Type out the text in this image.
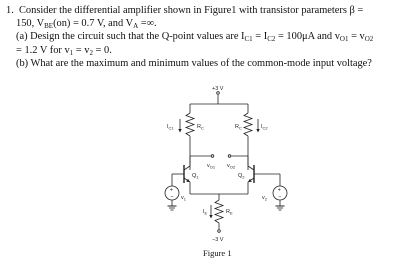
1. Consider the differential amplifier shown in Figure1 with transistor parameters β =
150, $V_{BE}(on) = 0.7$ V, and $V_A$ =∞.
(a) Design the circuit such that the Q-point values are $I_{C1} = I_{C2} = 100\mu A$ and $v_{O1} = v_{O2}$
= 1.2 V for $v_1 = v_2 = 0$.
(b) What are the maximum and minimum values of the common-mode input voltage?
+
−
+
−
+3 V
−3 V
$I_{C1}$	$R_C$	$R_C$	$I_{C2}$
$v_{O1}$ $v_{O2}$
$Q_1$	$Q_2$
$v_1$	$v_2$
$I_E$	$R_E$
Figure 1
